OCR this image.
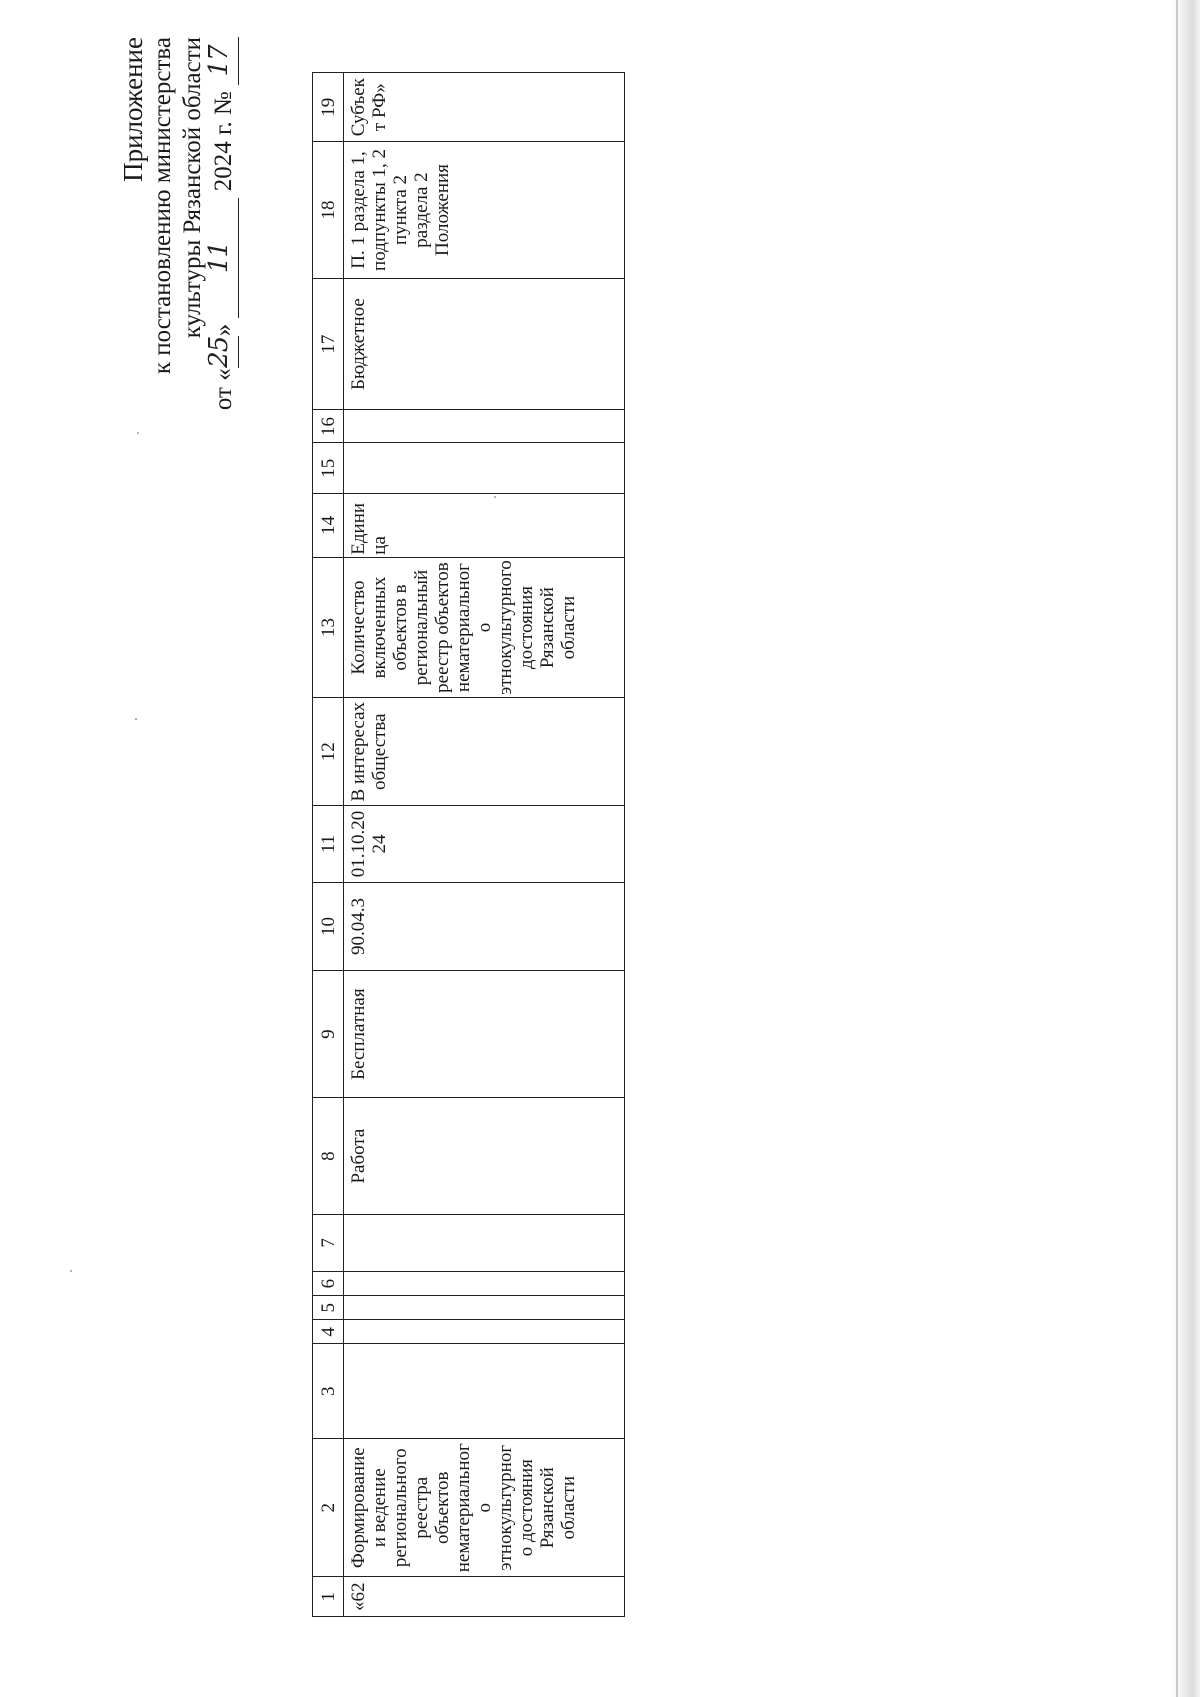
Приложение к постановлению министерства культуры Рязанской области
от «25» 11 2024 г. № 17
1	2	3	4	5	6	7	8	9	10	11	12	13	14	15	16	17	18	19
«62	Формирование и ведение регионального реестра объектов нематериального этнокультурного достояния Рязанской области						Работа	Бесплатная	90.04.3	01.10.2024	В интересах общества	Количество включенных объектов в региональный реестр объектов нематериального этнокультурного достояния Рязанской области	Единица			Бюджетное	П. 1 раздела 1, подпункты 1, 2 пункта 2 раздела 2 Положения	Субъект РФ»
